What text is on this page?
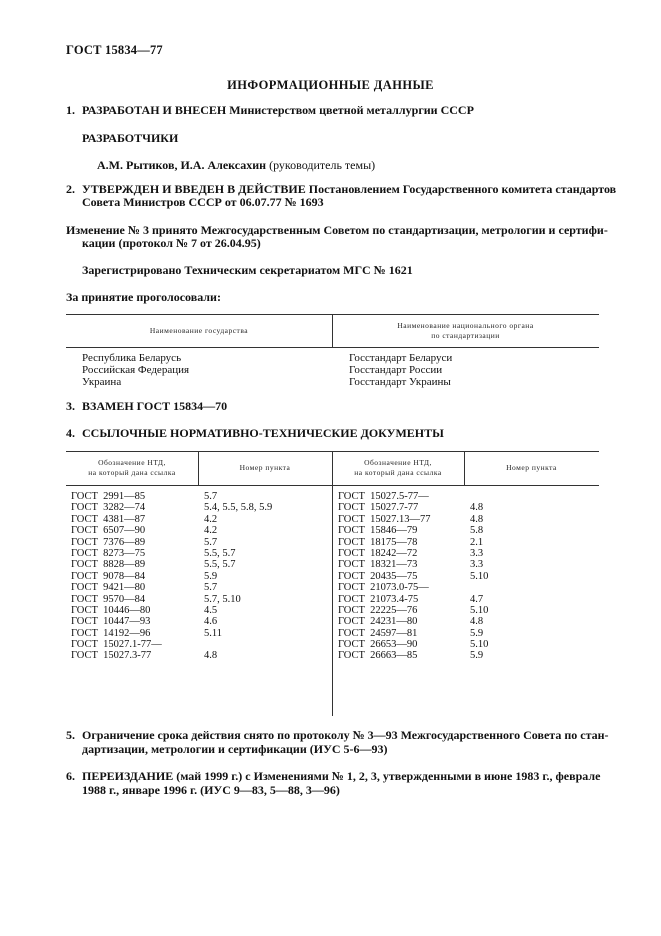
ГОСТ 15834—77
ИНФОРМАЦИОННЫЕ ДАННЫЕ
1. РАЗРАБОТАН И ВНЕСЕН Министерством цветной металлургии СССР
РАЗРАБОТЧИКИ
А.М. Рытиков, И.А. Алексахин (руководитель темы)
2. УТВЕРЖДЕН И ВВЕДЕН В ДЕЙСТВИЕ Постановлением Государственного комитета стандартов
Совета Министров СССР от 06.07.77 № 1693
Изменение № 3 принято Межгосударственным Советом по стандартизации, метрологии и сертифи-
кации (протокол № 7 от 26.04.95)
Зарегистрировано Техническим секретариатом МГС № 1621
За принятие проголосовали:
Наименование государства
Наименование национального органа
по стандартизации
Республика Беларусь
Российская Федерация
Украина
Госстандарт Беларуси
Госстандарт России
Госстандарт Украины
3. ВЗАМЕН ГОСТ 15834—70
4. ССЫЛОЧНЫЕ НОРМАТИВНО-ТЕХНИЧЕСКИЕ ДОКУМЕНТЫ
Обозначение НТД,
на который дана ссылка
Номер пункта
Обозначение НТД,
на который дана ссылка
Номер пункта
ГОСТ  2991—85
ГОСТ  3282—74
ГОСТ  4381—87
ГОСТ  6507—90
ГОСТ  7376—89
ГОСТ  8273—75
ГОСТ  8828—89
ГОСТ  9078—84
ГОСТ  9421—80
ГОСТ  9570—84
ГОСТ  10446—80
ГОСТ  10447—93
ГОСТ  14192—96
ГОСТ  15027.1-77—
ГОСТ  15027.3-77
5.7
5.4, 5.5, 5.8, 5.9
4.2
4.2
5.7
5.5, 5.7
5.5, 5.7
5.9
5.7
5.7, 5.10
4.5
4.6
5.11
4.8
ГОСТ  15027.5-77—
ГОСТ  15027.7-77
ГОСТ  15027.13—77
ГОСТ  15846—79
ГОСТ  18175—78
ГОСТ  18242—72
ГОСТ  18321—73
ГОСТ  20435—75
ГОСТ  21073.0-75—
ГОСТ  21073.4-75
ГОСТ  22225—76
ГОСТ  24231—80
ГОСТ  24597—81
ГОСТ  26653—90
ГОСТ  26663—85
4.8
4.8
5.8
2.1
3.3
3.3
5.10
4.7
5.10
4.8
5.9
5.10
5.9
5. Ограничение срока действия снято по протоколу № 3—93 Межгосударственного Совета по стан-
дартизации, метрологии и сертификации (ИУС 5-6—93)
6. ПЕРЕИЗДАНИЕ (май 1999 г.) с Изменениями № 1, 2, 3, утвержденными в июне 1983 г., феврале
1988 г., январе 1996 г. (ИУС 9—83, 5—88, 3—96)
